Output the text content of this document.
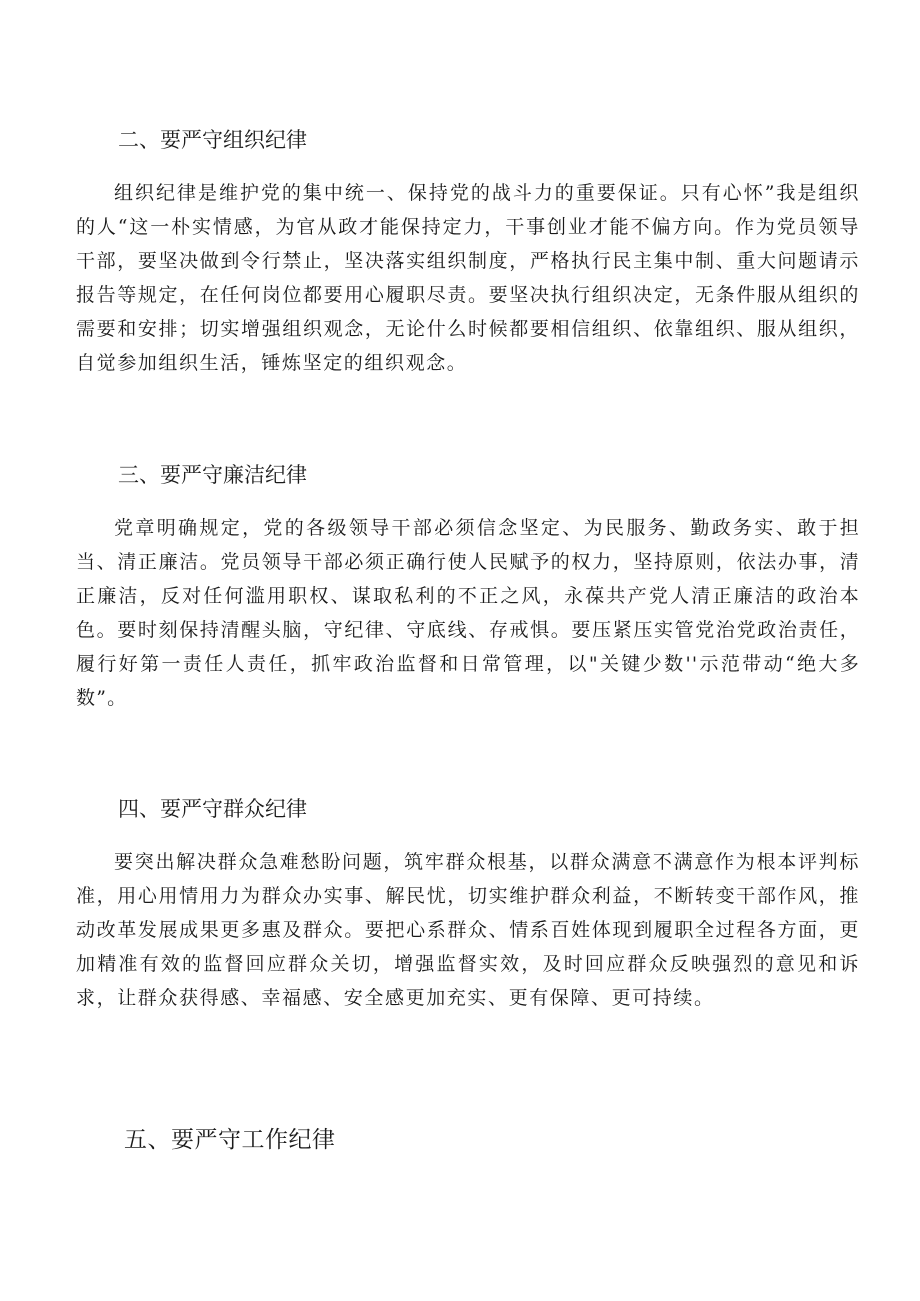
二、要严守组织纪律

组织纪律是维护党的集中统一、保持党的战斗力的重要保证。只有心怀”我是组织的人“这一朴实情感，为官从政才能保持定力，干事创业才能不偏方向。作为党员领导干部，要坚决做到令行禁止，坚决落实组织制度，严格执行民主集中制、重大问题请示报告等规定，在任何岗位都要用心履职尽责。要坚决执行组织决定，无条件服从组织的需要和安排；切实增强组织观念，无论什么时候都要相信组织、依靠组织、服从组织，自觉参加组织生活，锤炼坚定的组织观念。

三、要严守廉洁纪律

党章明确规定，党的各级领导干部必须信念坚定、为民服务、勤政务实、敢于担当、清正廉洁。党员领导干部必须正确行使人民赋予的权力，坚持原则，依法办事，清正廉洁，反对任何滥用职权、谋取私利的不正之风，永葆共产党人清正廉洁的政治本色。要时刻保持清醒头脑，守纪律、守底线、存戒惧。要压紧压实管党治党政治责任，履行好第一责任人责任，抓牢政治监督和日常管理，以"关键少数''示范带动“绝大多数”。

四、要严守群众纪律

要突出解决群众急难愁盼问题，筑牢群众根基，以群众满意不满意作为根本评判标准，用心用情用力为群众办实事、解民忧，切实维护群众利益，不断转变干部作风，推动改革发展成果更多惠及群众。要把心系群众、情系百姓体现到履职全过程各方面，更加精准有效的监督回应群众关切，增强监督实效，及时回应群众反映强烈的意见和诉求，让群众获得感、幸福感、安全感更加充实、更有保障、更可持续。

五、要严守工作纪律
